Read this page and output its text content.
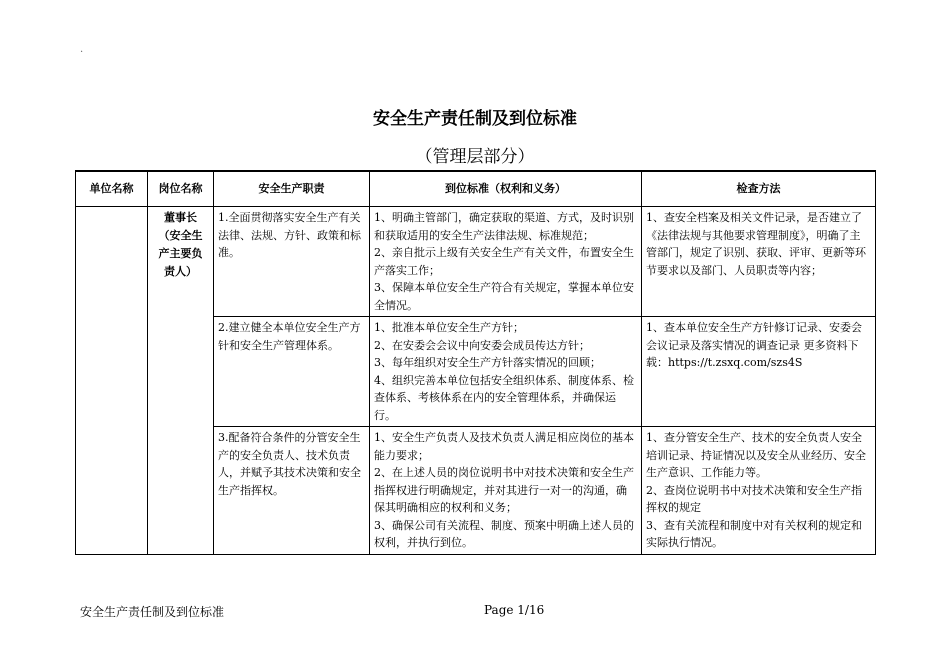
.
安全生产责任制及到位标准
（管理层部分）
单位名称	岗位名称	安全生产职责	到位标准（权利和义务）	检查方法

	董事长
（安全生
产主要负
责人）	1.全面贯彻落实安全生产有关法律、法规、方针、政策和标准。	1、明确主管部门，确定获取的渠道、方式，及时识别和获取适用的安全生产法律法规、标准规范；
2、亲自批示上级有关安全生产有关文件，布置安全生产落实工作；
3、保障本单位安全生产符合有关规定，掌握本单位安全情况。	1、查安全档案及相关文件记录，是否建立了《法律法规与其他要求管理制度》，明确了主管部门，规定了识别、获取、评审、更新等环节要求以及部门、人员职责等内容；

		2.建立健全本单位安全生产方针和安全生产管理体系。	1、批准本单位安全生产方针；
2、在安委会会议中向安委会成员传达方针；
3、每年组织对安全生产方针落实情况的回顾；
4、组织完善本单位包括安全组织体系、制度体系、检查体系、考核体系在内的安全管理体系，并确保运行。	1、查本单位安全生产方针修订记录、安委会会议记录及落实情况的调查记录 更多资料下载：https://t.zsxq.com/szs4S

		3.配备符合条件的分管安全生产的安全负责人、技术负责人，并赋予其技术决策和安全生产指挥权。	1、安全生产负责人及技术负责人满足相应岗位的基本能力要求；
2、在上述人员的岗位说明书中对技术决策和安全生产指挥权进行明确规定，并对其进行一对一的沟通，确保其明确相应的权利和义务；
3、确保公司有关流程、制度、预案中明确上述人员的权利，并执行到位。	1、查分管安全生产、技术的安全负责人安全培训记录、持证情况以及安全从业经历、安全生产意识、工作能力等。
2、查岗位说明书中对技术决策和安全生产指挥权的规定
3、查有关流程和制度中对有关权利的规定和实际执行情况。
安全生产责任制及到位标准	Page 1/16
